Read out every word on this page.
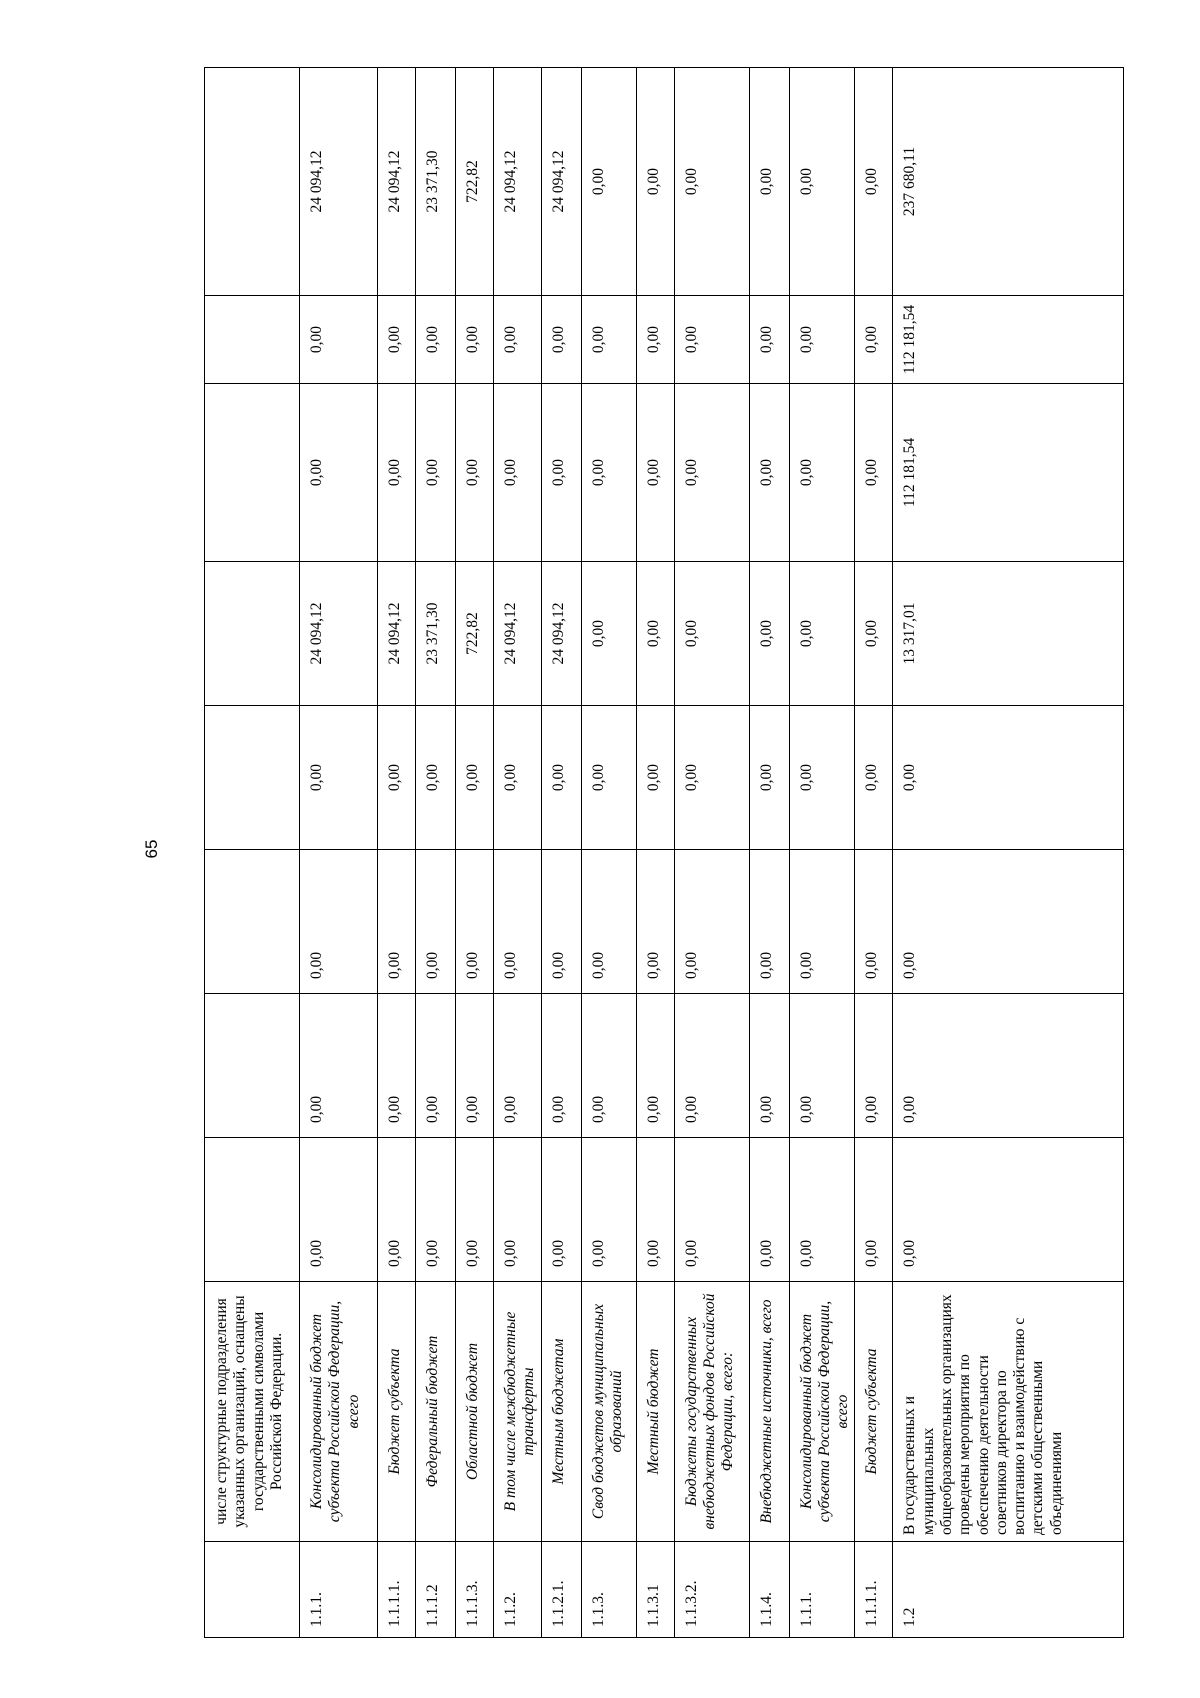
65
	числе структурные подразделения указанных организаций, оснащены государственными символами Российской Федерации.								
1.1.1.	Консолидированный бюджет субъекта Российской Федерации, всего	0,00	0,00	0,00	0,00	24 094,12	0,00	0,00	24 094,12
1.1.1.1.	Бюджет субъекта	0,00	0,00	0,00	0,00	24 094,12	0,00	0,00	24 094,12
1.1.1.2	Федеральный бюджет	0,00	0,00	0,00	0,00	23 371,30	0,00	0,00	23 371,30
1.1.1.3.	Областной бюджет	0,00	0,00	0,00	0,00	722,82	0,00	0,00	722,82
1.1.2.	В том числе межбюджетные трансферты	0,00	0,00	0,00	0,00	24 094,12	0,00	0,00	24 094,12
1.1.2.1.	Местным бюджетам	0,00	0,00	0,00	0,00	24 094,12	0,00	0,00	24 094,12
1.1.3.	Свод бюджетов муниципальных образований	0,00	0,00	0,00	0,00	0,00	0,00	0,00	0,00
1.1.3.1	Местный бюджет	0,00	0,00	0,00	0,00	0,00	0,00	0,00	0,00
1.1.3.2.	Бюджеты государственных внебюджетных фондов Российской Федерации, всего:	0,00	0,00	0,00	0,00	0,00	0,00	0,00	0,00
1.1.4.	Внебюджетные источники, всего	0,00	0,00	0,00	0,00	0,00	0,00	0,00	0,00
1.1.1.	Консолидированный бюджет субъекта Российской Федерации, всего	0,00	0,00	0,00	0,00	0,00	0,00	0,00	0,00
1.1.1.1.	Бюджет субъекта	0,00	0,00	0,00	0,00	0,00	0,00	0,00	0,00
1.2	В государственных и муниципальных общеобразовательных организациях проведены мероприятия по обеспечению деятельности советников директора по воспитанию и взаимодействию с детскими общественными объединениями	0,00	0,00	0,00	0,00	13 317,01	112 181,54	112 181,54	237 680,11
